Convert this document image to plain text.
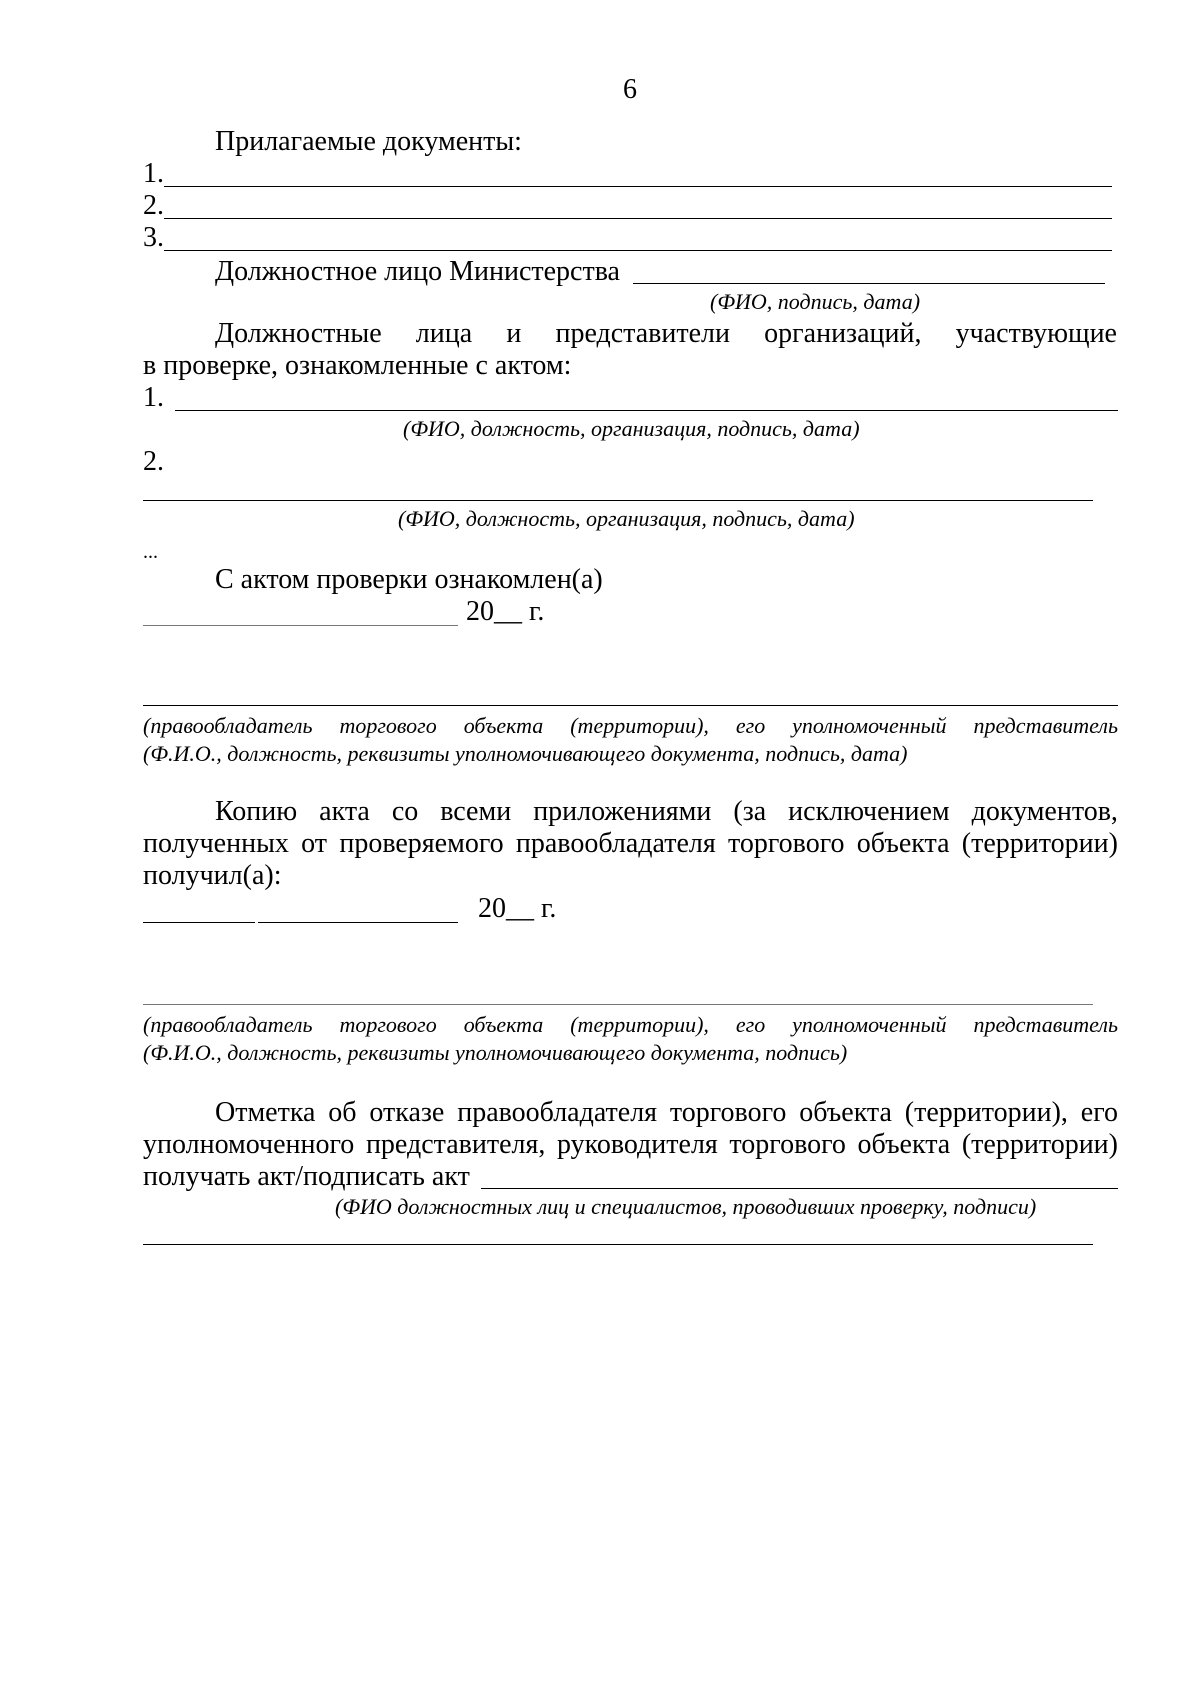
6
Прилагаемые документы:
1.
2.
3.
Должностное лицо Министерства
(ФИО, подпись, дата)
Должностные лица и представители организаций, участвующие
в проверке, ознакомленные с актом:
1.
(ФИО, должность, организация, подпись, дата)
2.
(ФИО, должность, организация, подпись, дата)
...
С актом проверки ознакомлен(а)
20__ г.
(правообладатель торгового объекта (территории), его уполномоченный представитель
(Ф.И.О., должность, реквизиты уполномочивающего документа, подпись, дата)
Копию акта со всеми приложениями (за исключением документов,
полученных от проверяемого правообладателя торгового объекта (территории)
получил(а):
20__ г.
(правообладатель торгового объекта (территории), его уполномоченный представитель
(Ф.И.О., должность, реквизиты уполномочивающего документа, подпись)
Отметка об отказе правообладателя торгового объекта (территории), его
уполномоченного представителя, руководителя торгового объекта (территории)
получать акт/подписать акт
(ФИО должностных лиц и специалистов, проводивших проверку, подписи)
